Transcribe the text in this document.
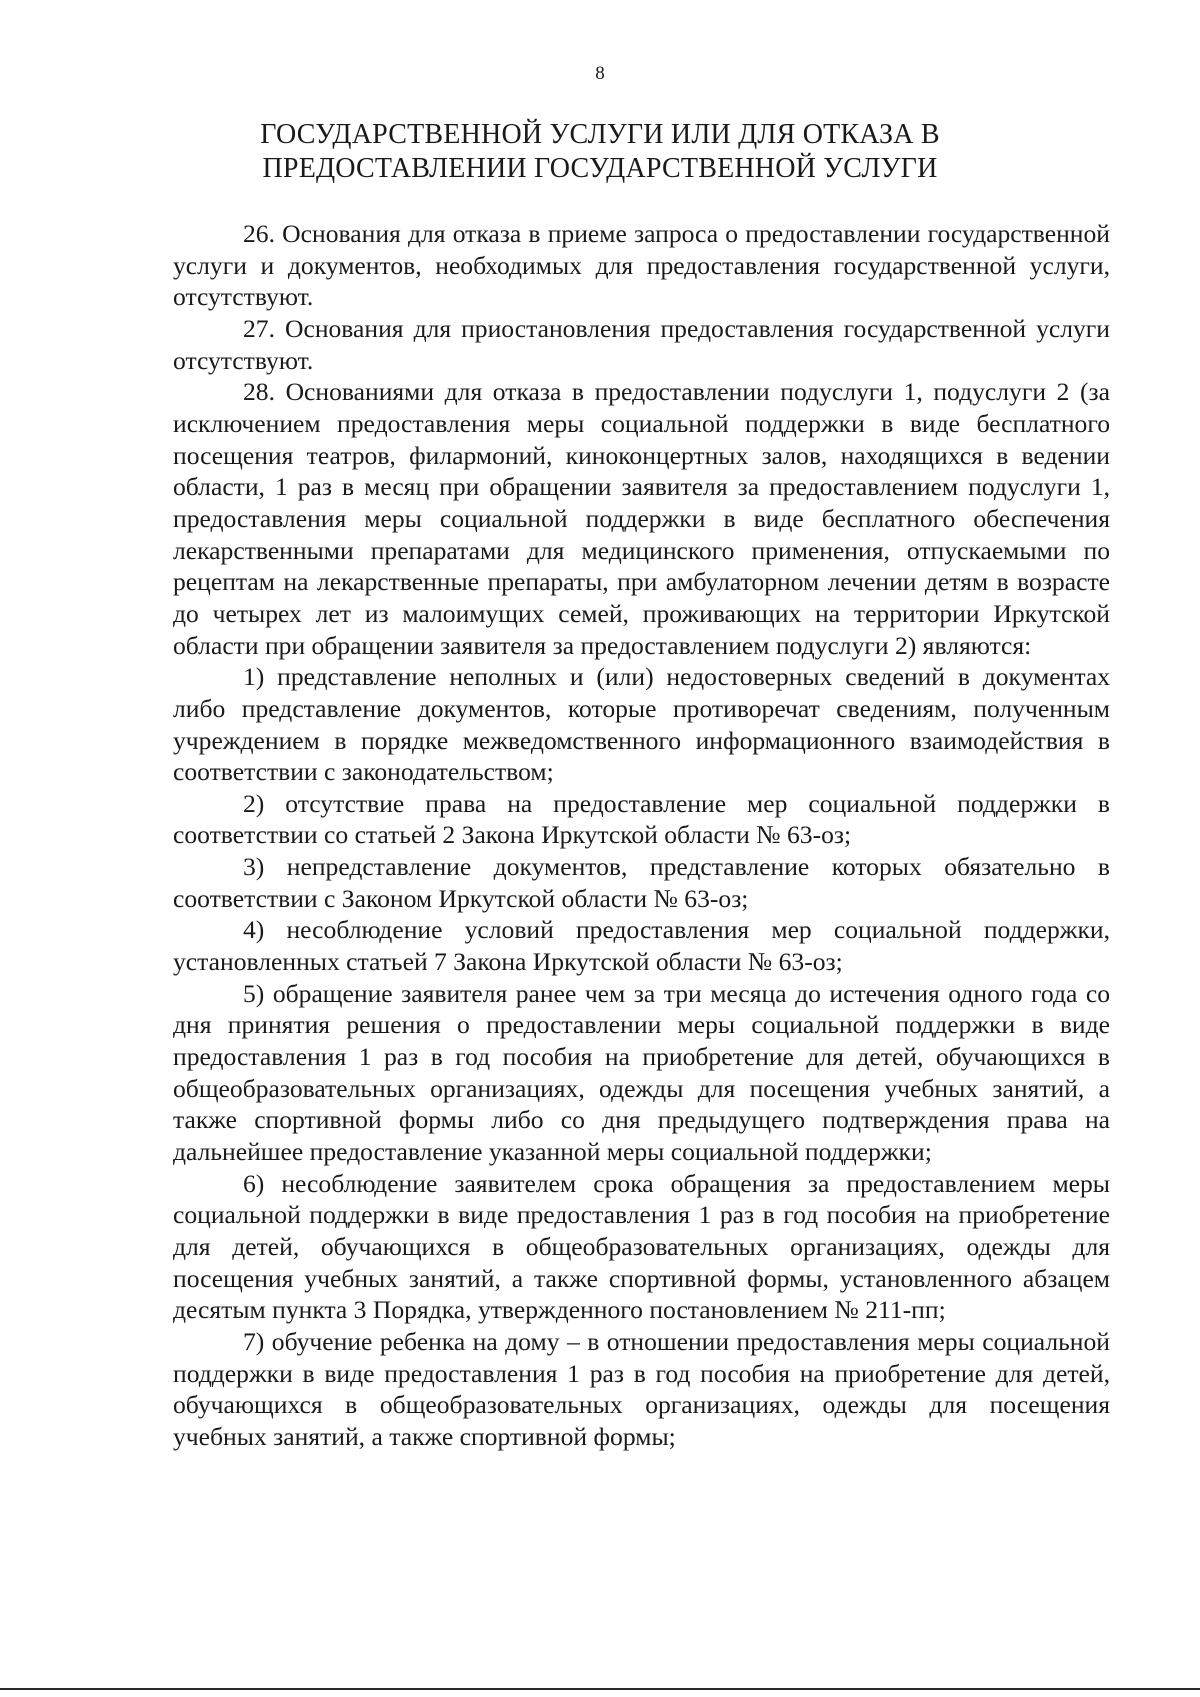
8
ГОСУДАРСТВЕННОЙ УСЛУГИ ИЛИ ДЛЯ ОТКАЗА В
ПРЕДОСТАВЛЕНИИ ГОСУДАРСТВЕННОЙ УСЛУГИ

26. Основания для отказа в приеме запроса о предоставлении государственной услуги и документов, необходимых для предоставления государственной услуги, отсутствуют.

27. Основания для приостановления предоставления государственной услуги отсутствуют.

28. Основаниями для отказа в предоставлении подуслуги 1, подуслуги 2 (за исключением предоставления меры социальной поддержки в виде бесплатного посещения театров, филармоний, киноконцертных залов, находящихся в ведении области, 1 раз в месяц при обращении заявителя за предоставлением подуслуги 1, предоставления меры социальной поддержки в виде бесплатного обеспечения лекарственными препаратами для медицинского применения, отпускаемыми по рецептам на лекарственные препараты, при амбулаторном лечении детям в возрасте до четырех лет из малоимущих семей, проживающих на территории Иркутской области при обращении заявителя за предоставлением подуслуги 2) являются:

1) представление неполных и (или) недостоверных сведений в документах либо представление документов, которые противоречат сведениям, полученным учреждением в порядке межведомственного информационного взаимодействия в соответствии с законодательством;

2) отсутствие права на предоставление мер социальной поддержки в соответствии со статьей 2 Закона Иркутской области № 63-оз;

3) непредставление документов, представление которых обязательно в соответствии с Законом Иркутской области № 63-оз;

4) несоблюдение условий предоставления мер социальной поддержки, установленных статьей 7 Закона Иркутской области № 63-оз;

5) обращение заявителя ранее чем за три месяца до истечения одного года со дня принятия решения о предоставлении меры социальной поддержки в виде предоставления 1 раз в год пособия на приобретение для детей, обучающихся в общеобразовательных организациях, одежды для посещения учебных занятий, а также спортивной формы либо со дня предыдущего подтверждения права на дальнейшее предоставление указанной меры социальной поддержки;

6) несоблюдение заявителем срока обращения за предоставлением меры социальной поддержки в виде предоставления 1 раз в год пособия на приобретение для детей, обучающихся в общеобразовательных организациях, одежды для посещения учебных занятий, а также спортивной формы, установленного абзацем десятым пункта 3 Порядка, утвержденного постановлением № 211-пп;

7) обучение ребенка на дому – в отношении предоставления меры социальной поддержки в виде предоставления 1 раз в год пособия на приобретение для детей, обучающихся в общеобразовательных организациях, одежды для посещения учебных занятий, а также спортивной формы;
